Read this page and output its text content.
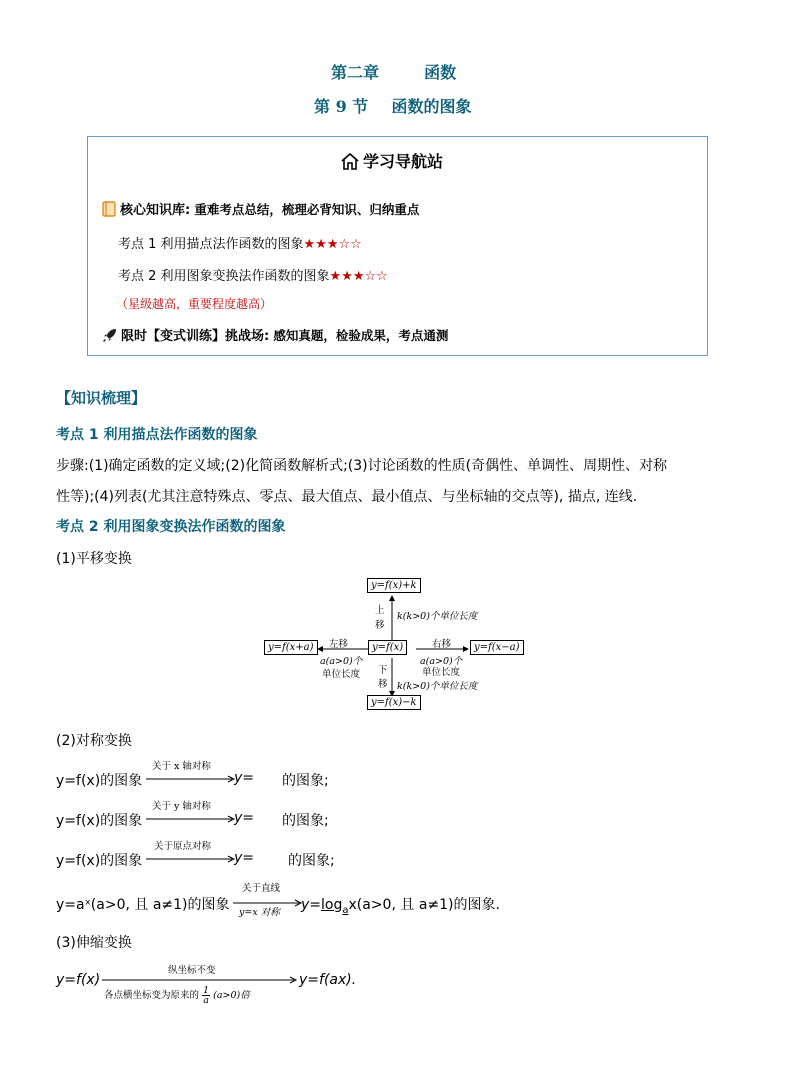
第二章	函数
第 9 节 函数的图象
学习导航站
核心知识库: 重难考点总结，梳理必背知识、归纳重点
考点 1 利用描点法作函数的图象★★★☆☆
考点 2 利用图象变换法作函数的图象★★★☆☆
（星级越高，重要程度越高）
限时【变式训练】挑战场: 感知真题，检验成果，考点通测
【知识梳理】
考点 1 利用描点法作函数的图象
步骤:(1)确定函数的定义域;(2)化简函数解析式;(3)讨论函数的性质(奇偶性、单调性、周期性、对称
性等);(4)列表(尤其注意特殊点、零点、最大值点、最小值点、与坐标轴的交点等), 描点, 连线.
考点 2 利用图象变换法作函数的图象
(1)平移变换
y=f(x)+k
y=f(x)
y=f(x+a)	y=f(x−a)
y=f(x)−k
上
移
k(k>0)个单位长度
左移
a(a>0)个
单位长度
右移
a(a>0)个
单位长度
下
移 k(k>0)个单位长度
(2)对称变换
y=f(x)的图象
关于 x 轴对称
y= 的图象;
y=f(x)的图象
关于 y 轴对称
y= 的图象;
y=f(x)的图象
关于原点对称
y= 的图象;
y=aˣ(a>0, 且 a≠1)的图象
关于直线
y=x 对称 $y=\log_ax(a>0$, 且 a≠1)的图象.
(3)伸缩变换
y=f(x)
纵坐标不变
各点横坐标变为原来的 $\frac{1}{a} (a>0)$倍
y=f(ax).
